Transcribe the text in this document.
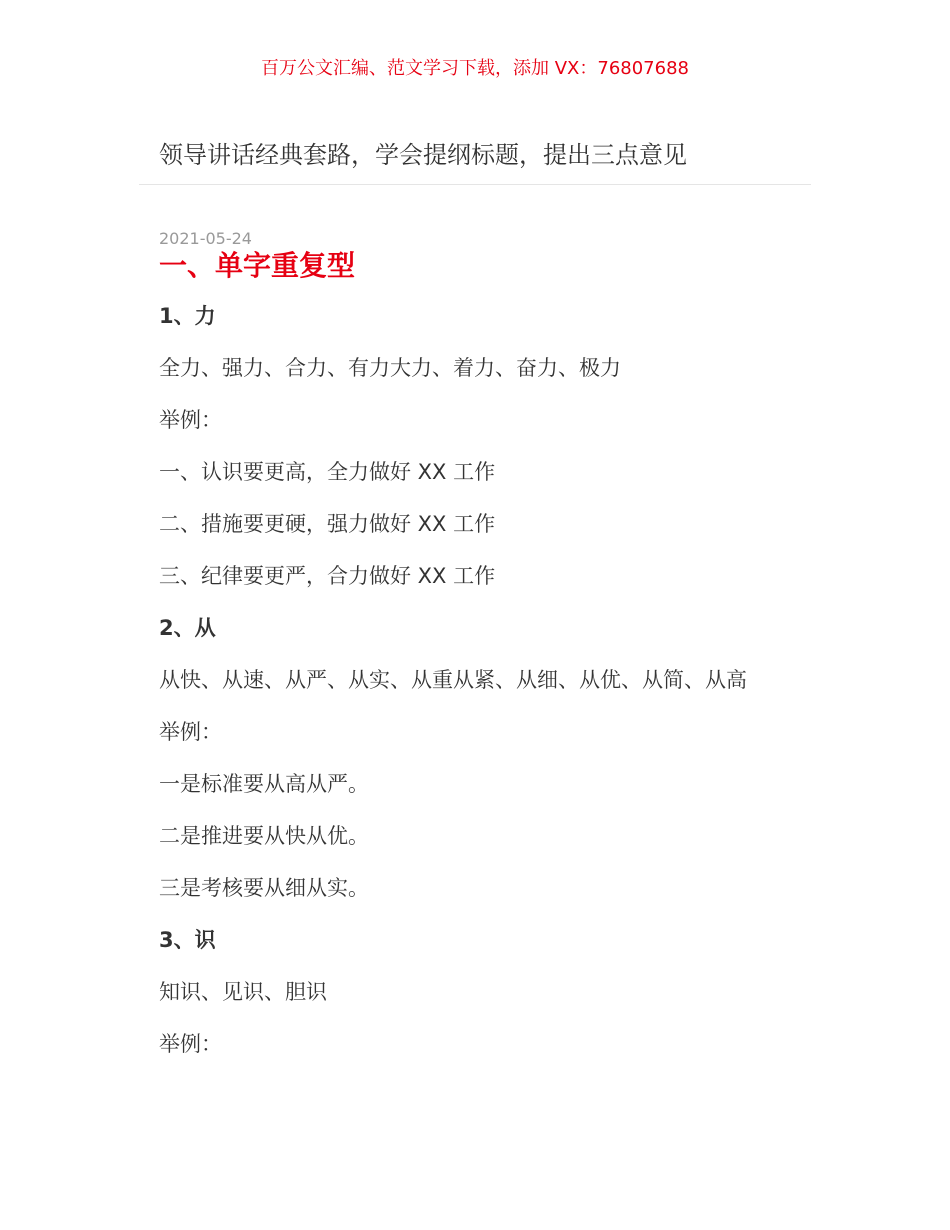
百万公文汇编、范文学习下载，添加 VX：76807688
领导讲话经典套路，学会提纲标题，提出三点意见
2021-05-24
一、单字重复型
1、力

全力、强力、合力、有力大力、着力、奋力、极力

举例：

一、认识要更高，全力做好 XX 工作

二、措施要更硬，强力做好 XX 工作

三、纪律要更严，合力做好 XX 工作

2、从

从快、从速、从严、从实、从重从紧、从细、从优、从简、从高

举例：

一是标准要从高从严。

二是推进要从快从优。

三是考核要从细从实。

3、识

知识、见识、胆识

举例：
